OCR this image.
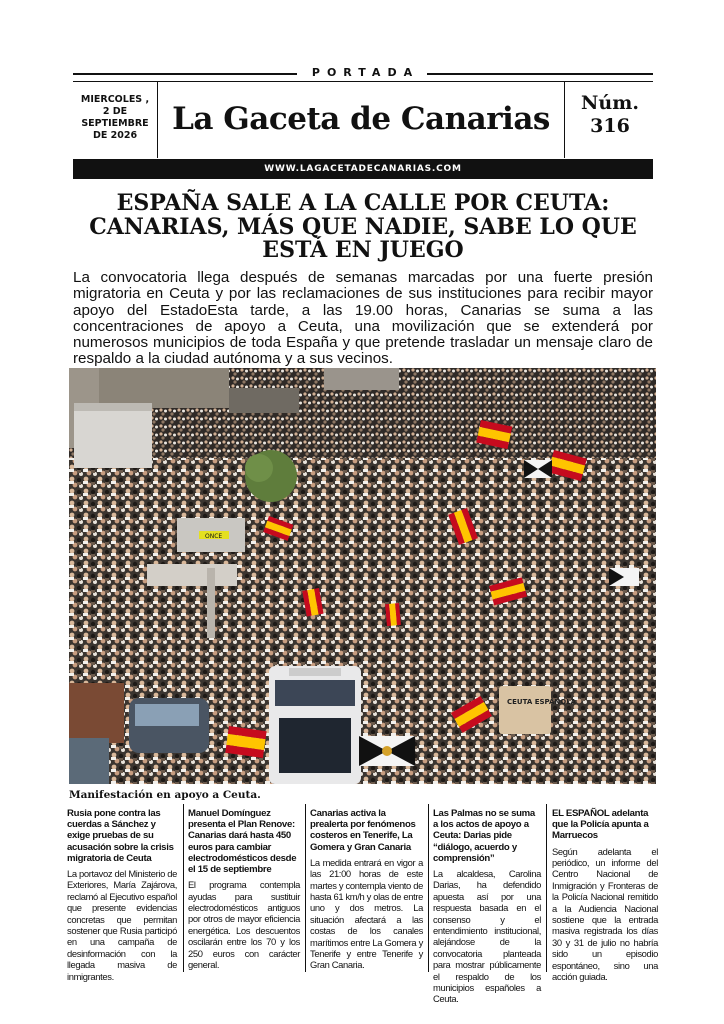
PORTADA
MIERCOLES , 2 DE SEPTIEMBRE DE 2026	La Gaceta de Canarias	Núm.
316
WWW.LAGACETADECANARIAS.COM
ESPAÑA SALE A LA CALLE POR CEUTA: CANARIAS, MÁS QUE NADIE, SABE LO QUE ESTÁ EN JUEGO
La convocatoria llega después de semanas marcadas por una fuerte presión migratoria en Ceuta y por las reclamaciones de sus instituciones para recibir mayor apoyo del EstadoEsta tarde, a las 19.00 horas, Canarias se suma a las concentraciones de apoyo a Ceuta, una movilización que se extenderá por numerosos municipios de toda España y que pretende trasladar un mensaje claro de respaldo a la ciudad autónoma y a sus vecinos.
ONCE
CEUTA ESPAÑOLA
Manifestación en apoyo a Ceuta.
Rusia pone contra las cuerdas a Sánchez y exige pruebas de su acusación sobre la crisis migratoria de Ceuta

La portavoz del Ministerio de Exteriores, María Zajárova, reclamó al Ejecutivo español que presente evidencias concretas que permitan sostener que Rusia participó en una campaña de desinformación con la llegada masiva de inmigrantes.

Manuel Domínguez presenta el Plan Renove: Canarias dará hasta 450 euros para cambiar electrodomésticos desde el 15 de septiembre

El programa contempla ayudas para sustituir electrodomésticos antiguos por otros de mayor eficiencia energética. Los descuentos oscilarán entre los 70 y los 250 euros con carácter general.

Canarias activa la prealerta por fenómenos costeros en Tenerife, La Gomera y Gran Canaria

La medida entrará en vigor a las 21:00 horas de este martes y contempla viento de hasta 61 km/h y olas de entre uno y dos metros. La situación afectará a las costas de los canales marítimos entre La Gomera y Tenerife y entre Tenerife y Gran Canaria.

Las Palmas no se suma a los actos de apoyo a Ceuta: Darias pide “diálogo, acuerdo y comprensión”

La alcaldesa, Carolina Darias, ha defendido apuesta así por una respuesta basada en el consenso y el entendimiento institucional, alejándose de la convocatoria planteada para mostrar públicamente el respaldo de los municipios españoles a Ceuta.

EL ESPAÑOL adelanta que la Policía apunta a Marruecos

Según adelanta el periódico, un informe del Centro Nacional de Inmigración y Fronteras de la Policía Nacional remitido a la Audiencia Nacional sostiene que la entrada masiva registrada los días 30 y 31 de julio no habría sido un episodio espontáneo, sino una acción guiada.
